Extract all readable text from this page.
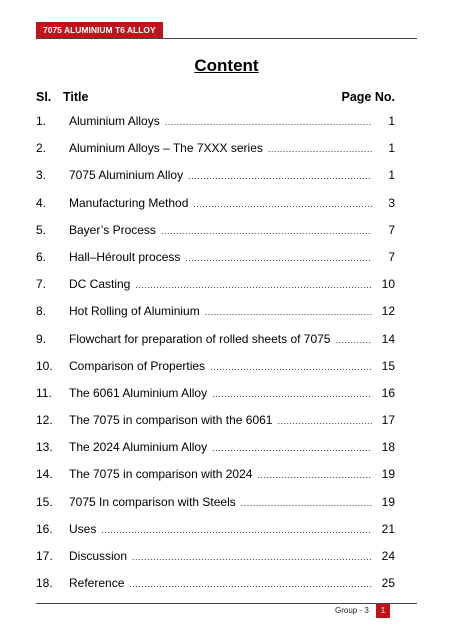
7075 ALUMINIUM T6 ALLOY
Content
Sl. Title	Page No.
1.	Aluminium Alloys .....	1
2.	Aluminium Alloys – The 7XXX series .....	1
3.	7075 Aluminium Alloy .....	1
4.	Manufacturing Method .....	3
5.	Bayer’s Process .....	7
6.	Hall–Héroult process .....	7
7.	DC Casting .....	10
8.	Hot Rolling of Aluminium .....	12
9.	Flowchart for preparation of rolled sheets of 7075 .....	14
10.	Comparison of Properties .....	15
11.	The 6061 Aluminium Alloy .....	16
12.	The 7075 in comparison with the 6061 .....	17
13.	The 2024 Aluminium Alloy .....	18
14.	The 7075 in comparison with 2024 .....	19
15.	7075 In comparison with Steels .....	19
16.	Uses .....	21
17.	Discussion .....	24
18.	Reference .....	25
Group - 3	1
